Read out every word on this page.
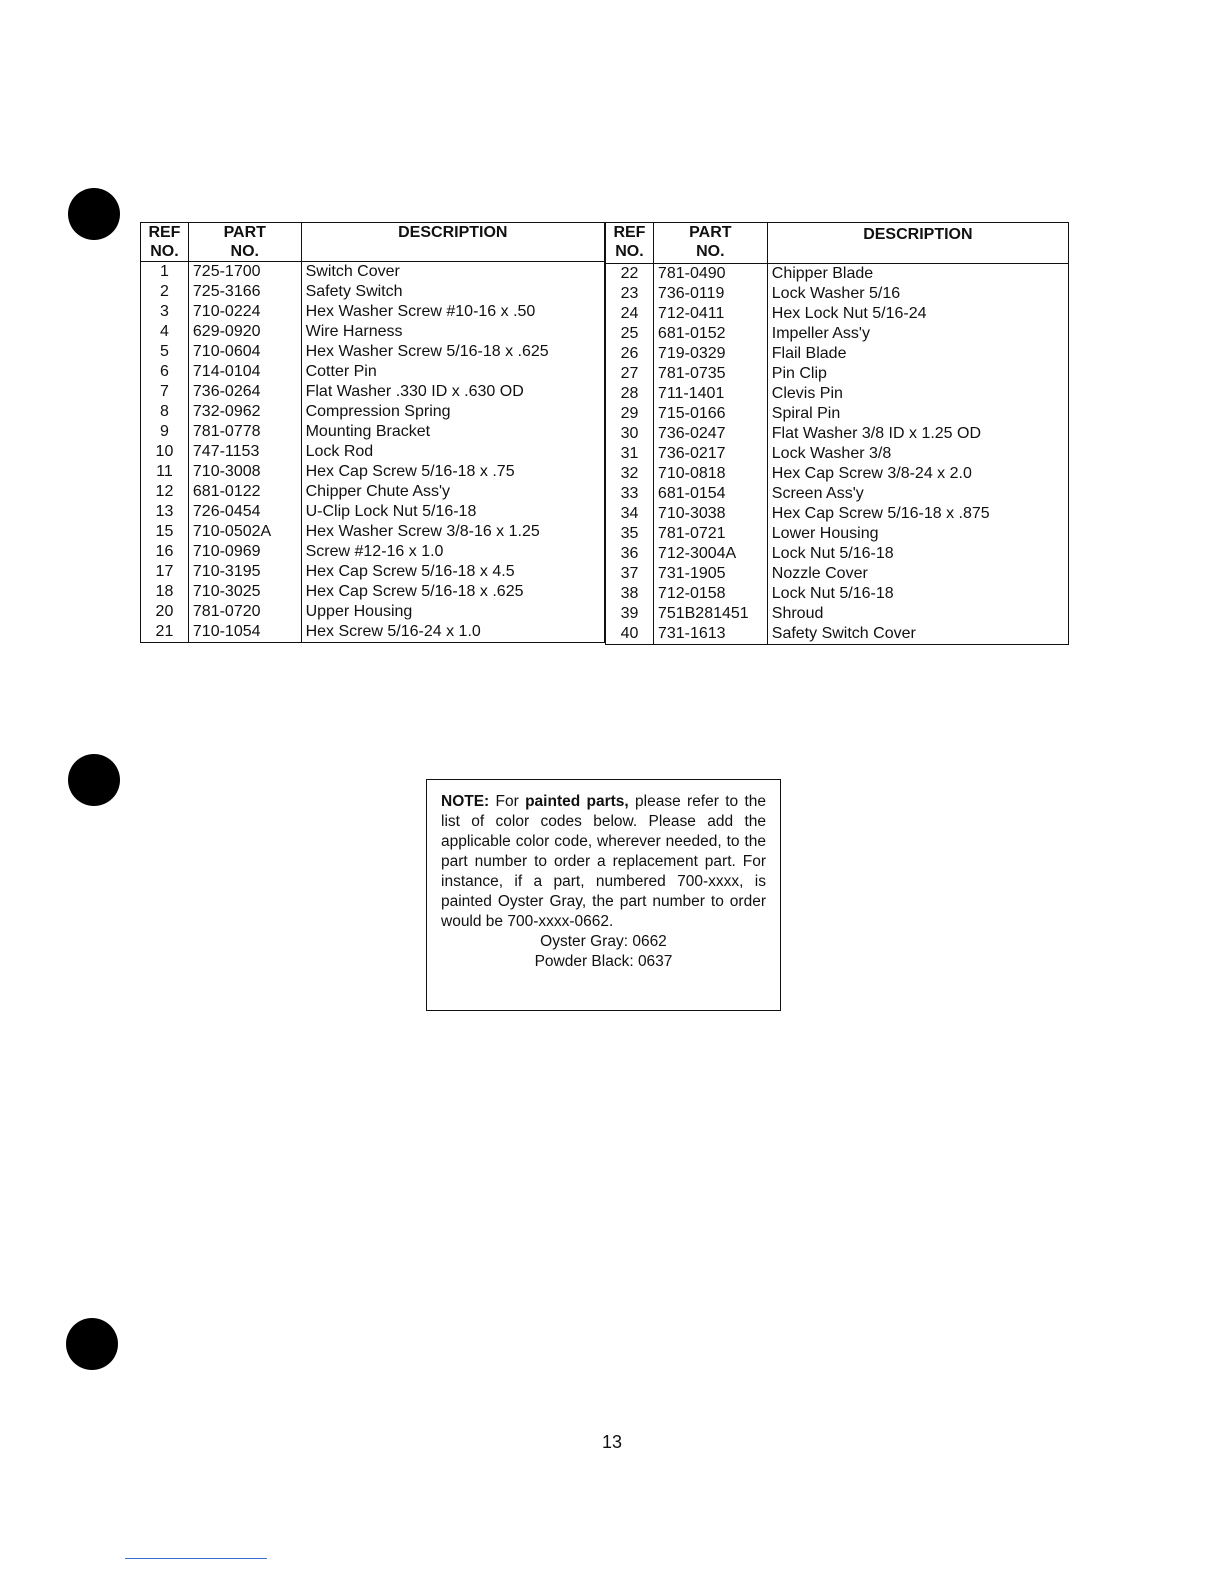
REF
NO.	PART
NO.	DESCRIPTION
1	725-1700	Switch Cover
2	725-3166	Safety Switch
3	710-0224	Hex Washer Screw #10-16 x .50
4	629-0920	Wire Harness
5	710-0604	Hex Washer Screw 5/16-18 x .625
6	714-0104	Cotter Pin
7	736-0264	Flat Washer .330 ID x .630 OD
8	732-0962	Compression Spring
9	781-0778	Mounting Bracket
10	747-1153	Lock Rod
11	710-3008	Hex Cap Screw 5/16-18 x .75
12	681-0122	Chipper Chute Ass'y
13	726-0454	U-Clip Lock Nut 5/16-18
15	710-0502A	Hex Washer Screw 3/8-16 x 1.25
16	710-0969	Screw #12-16 x 1.0
17	710-3195	Hex Cap Screw 5/16-18 x 4.5
18	710-3025	Hex Cap Screw 5/16-18 x .625
20	781-0720	Upper Housing
21	710-1054	Hex Screw 5/16-24 x 1.0
REF
NO.	PART
NO.	DESCRIPTION
22	781-0490	Chipper Blade
23	736-0119	Lock Washer 5/16
24	712-0411	Hex Lock Nut 5/16-24
25	681-0152	Impeller Ass'y
26	719-0329	Flail Blade
27	781-0735	Pin Clip
28	711-1401	Clevis Pin
29	715-0166	Spiral Pin
30	736-0247	Flat Washer 3/8 ID x 1.25 OD
31	736-0217	Lock Washer 3/8
32	710-0818	Hex Cap Screw 3/8-24 x 2.0
33	681-0154	Screen Ass'y
34	710-3038	Hex Cap Screw 5/16-18 x .875
35	781-0721	Lower Housing
36	712-3004A	Lock Nut 5/16-18
37	731-1905	Nozzle Cover
38	712-0158	Lock Nut 5/16-18
39	751B281451	Shroud
40	731-1613	Safety Switch Cover
NOTE: For painted parts, please refer to the list of color codes below. Please add the applicable color code, wherever needed, to the part number to order a replacement part. For instance, if a part, numbered 700-xxxx, is painted Oyster Gray, the part number to order would be 700-xxxx-0662.
Oyster Gray: 0662
Powder Black: 0637
13
